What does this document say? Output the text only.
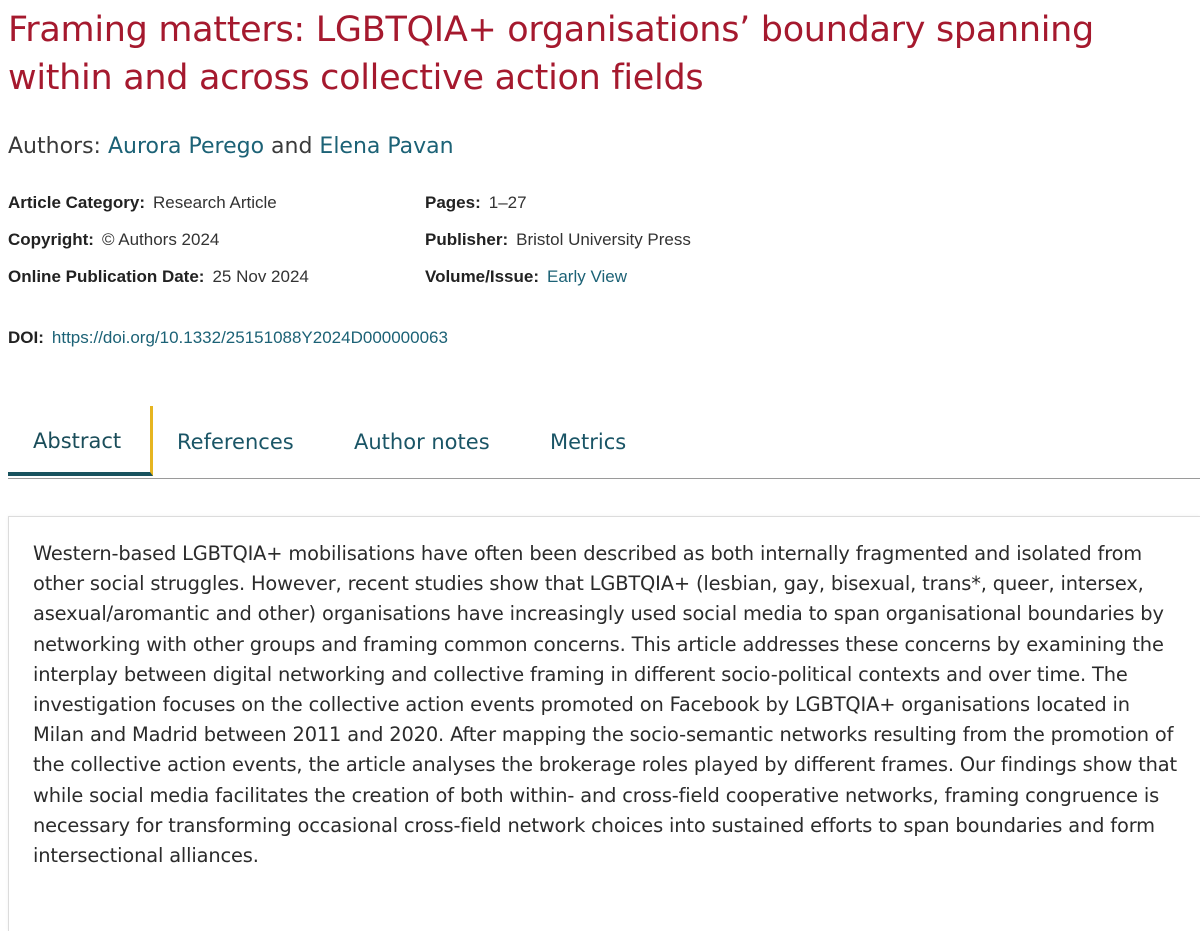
Framing matters: LGBTQIA+ organisations’ boundary spanning within and across collective action fields
Authors: Aurora Perego and Elena Pavan
Article Category: Research Article
Copyright: © Authors 2024
Online Publication Date: 25 Nov 2024
Pages: 1–27
Publisher: Bristol University Press
Volume/Issue: Early View
DOI: https://doi.org/10.1332/25151088Y2024D000000063
Abstract	References	Author notes	Metrics

Western-based LGBTQIA+ mobilisations have often been described as both internally fragmented and isolated from other social struggles. However, recent studies show that LGBTQIA+ (lesbian, gay, bisexual, trans*, queer, intersex, asexual/aromantic and other) organisations have increasingly used social media to span organisational boundaries by networking with other groups and framing common concerns. This article addresses these concerns by examining the interplay between digital networking and collective framing in different socio-political contexts and over time. The investigation focuses on the collective action events promoted on Facebook by LGBTQIA+ organisations located in Milan and Madrid between 2011 and 2020. After mapping the socio-semantic networks resulting from the promotion of the collective action events, the article analyses the brokerage roles played by different frames. Our findings show that while social media facilitates the creation of both within- and cross-field cooperative networks, framing congruence is necessary for transforming occasional cross-field network choices into sustained efforts to span boundaries and form intersectional alliances.
